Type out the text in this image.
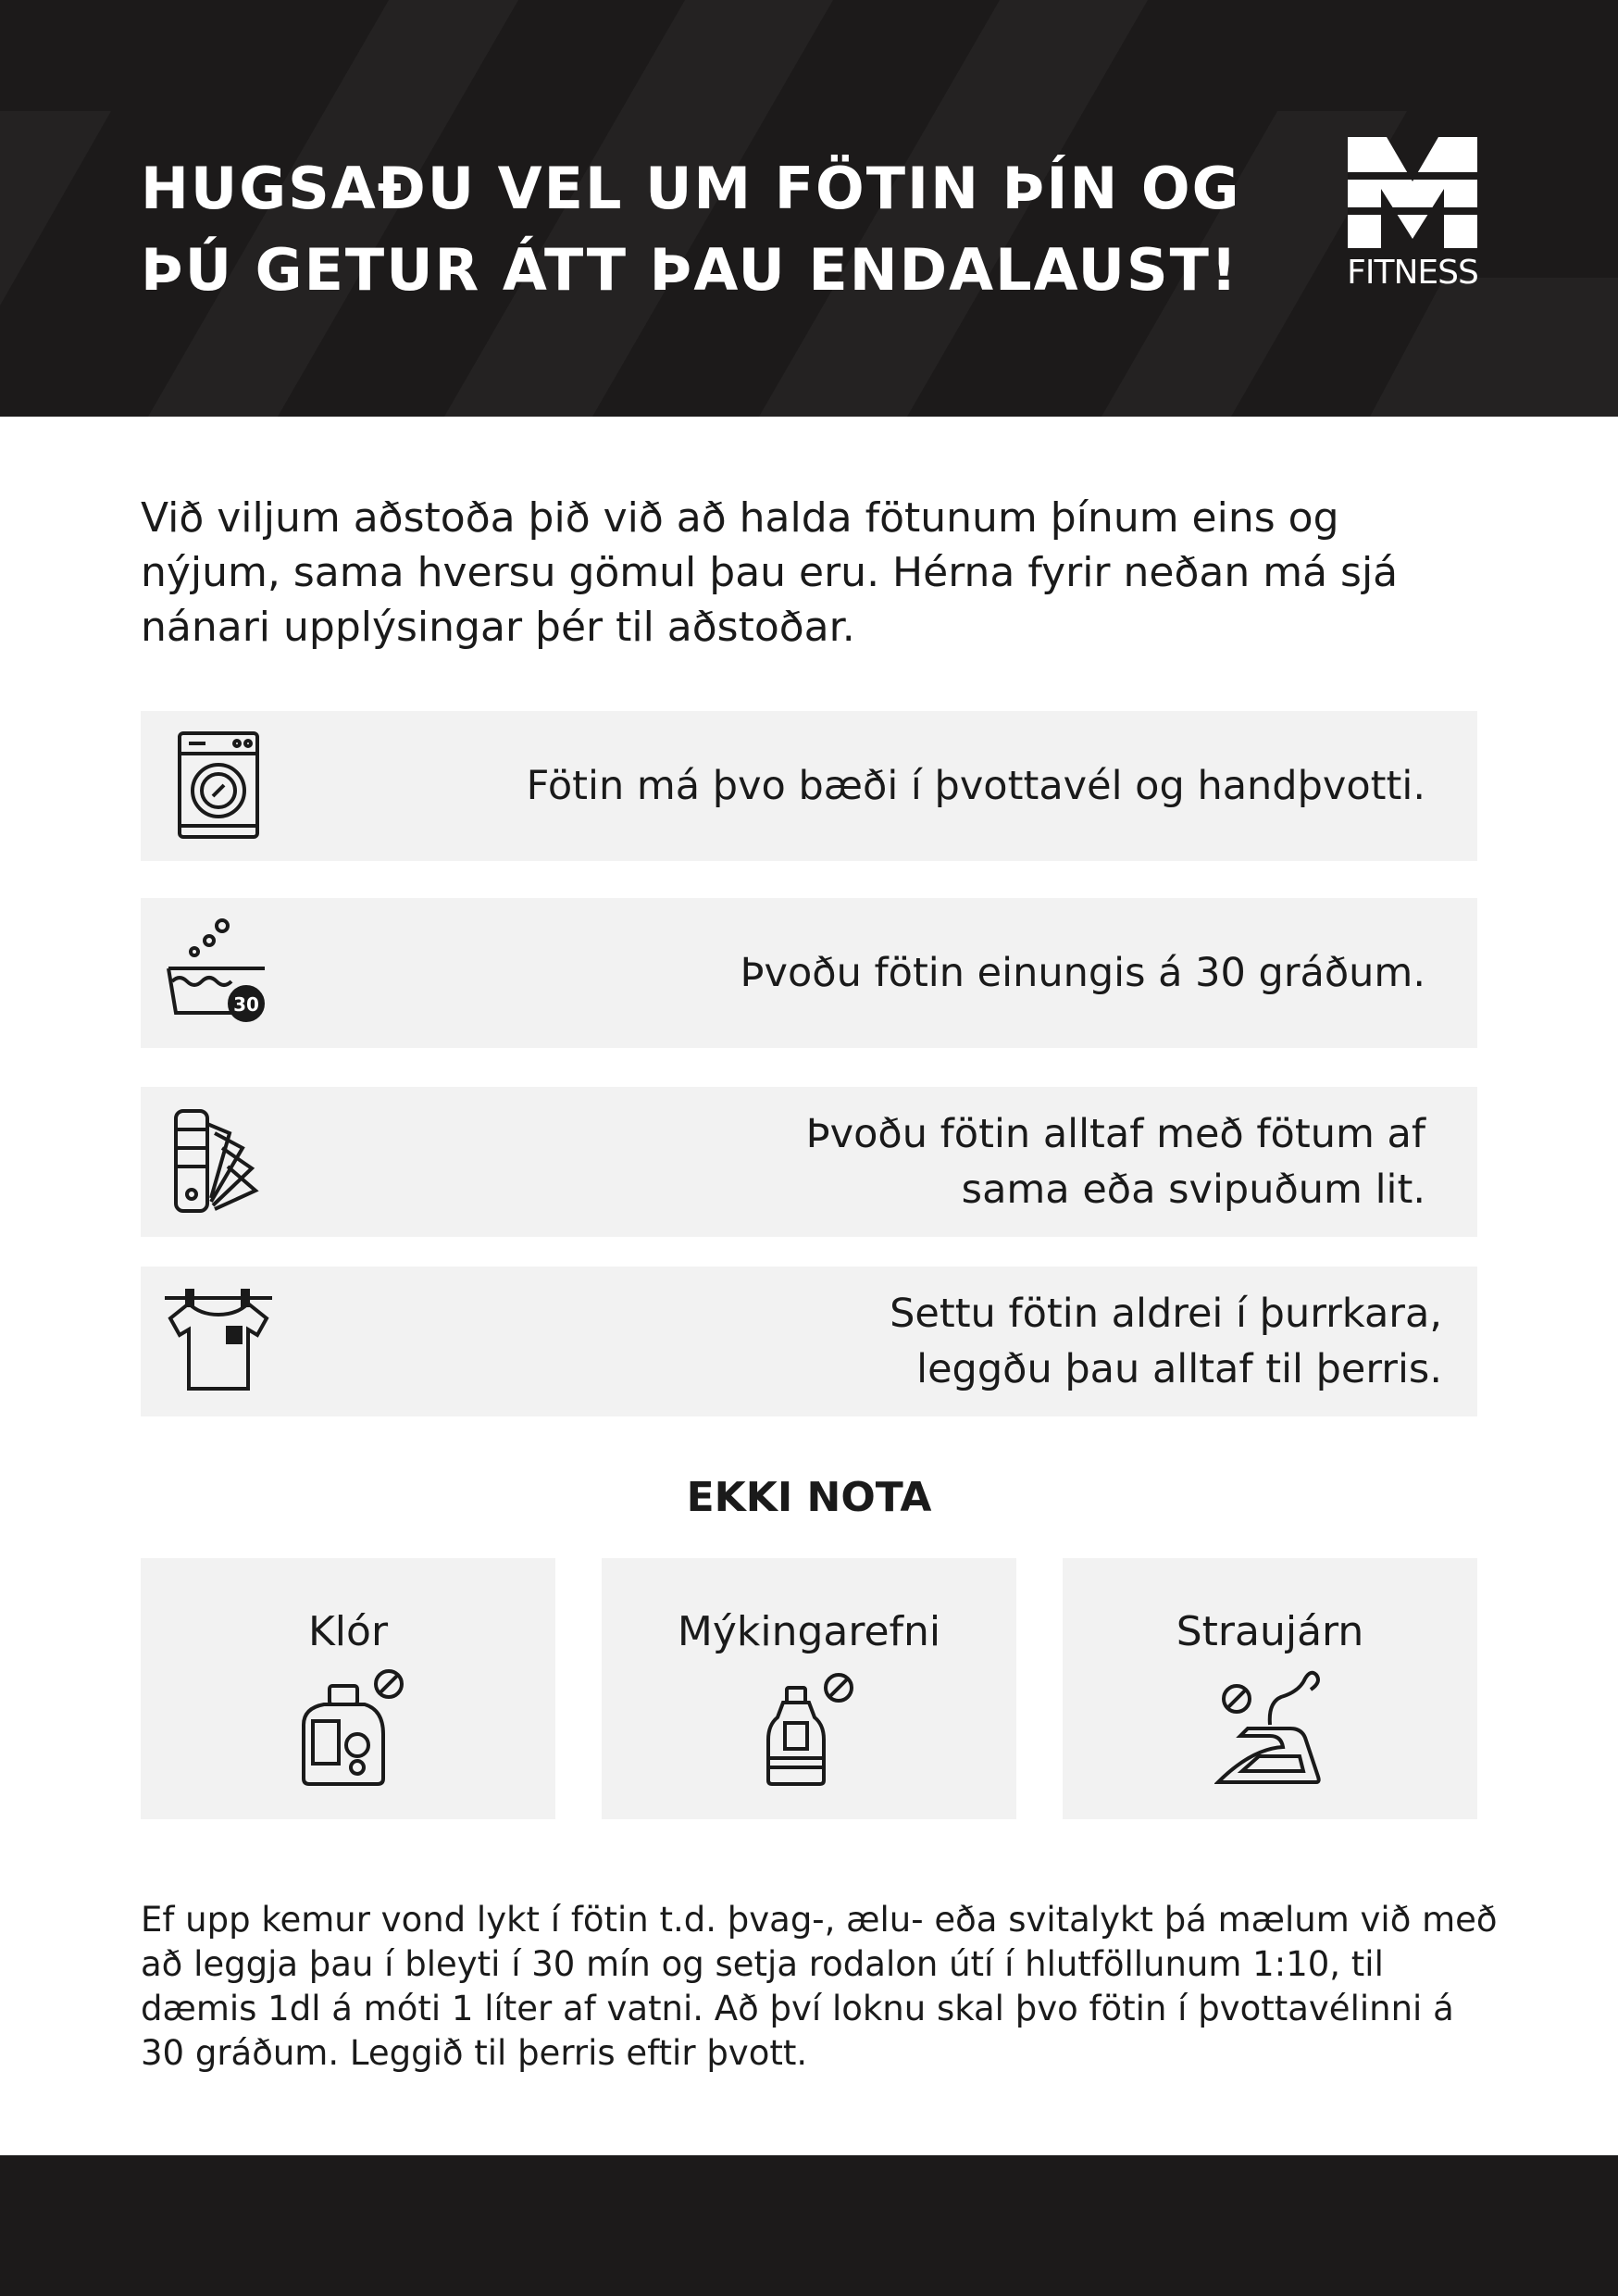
HUGSAÐU VEL UM FÖTIN ÞÍN OG
ÞÚ GETUR ÁTT ÞAU ENDALAUST!	FITNESS

Við viljum aðstoða þið við að halda fötunum þínum eins og nýjum, sama hversu gömul þau eru. Hérna fyrir neðan má sjá nánari upplýsingar þér til aðstoðar.

Fötin má þvo bæði í þvottavél og handþvotti.
30
Þvoðu fötin einungis á 30 gráðum.
Þvoðu fötin alltaf með fötum af
sama eða svipuðum lit.
Settu fötin aldrei í þurrkara,
leggðu þau alltaf til þerris.
EKKI NOTA
Klór	Mýkingarefni	Straujárn

Ef upp kemur vond lykt í fötin t.d. þvag-, ælu- eða svitalykt þá mælum við með að leggja þau í bleyti í 30 mín og setja rodalon útí í hlutföllunum 1:10, til dæmis 1dl á móti 1 líter af vatni. Að því loknu skal þvo fötin í þvottavélinni á 30 gráðum. Leggið til þerris eftir þvott.
